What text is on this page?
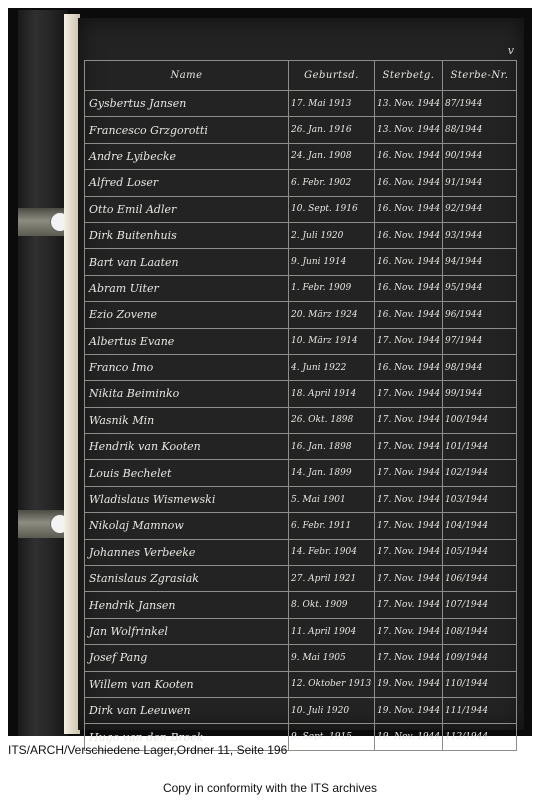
v
Name	Geburtsd.	Sterbetg.	Sterbe-Nr.
Gysbertus Jansen	17. Mai 1913	13. Nov. 1944	87/1944
Francesco Grzgorotti	26. Jan. 1916	13. Nov. 1944	88/1944
Andre Lyibecke	24. Jan. 1908	16. Nov. 1944	90/1944
Alfred Loser	6. Febr. 1902	16. Nov. 1944	91/1944
Otto Emil Adler	10. Sept. 1916	16. Nov. 1944	92/1944
Dirk Buitenhuis	2. Juli 1920	16. Nov. 1944	93/1944
Bart van Laaten	9. Juni 1914	16. Nov. 1944	94/1944
Abram Uiter	1. Febr. 1909	16. Nov. 1944	95/1944
Ezio Zovene	20. März 1924	16. Nov. 1944	96/1944
Albertus Evane	10. März 1914	17. Nov. 1944	97/1944
Franco Imo	4. Juni 1922	16. Nov. 1944	98/1944
Nikita Beiminko	18. April 1914	17. Nov. 1944	99/1944
Wasnik Min	26. Okt. 1898	17. Nov. 1944	100/1944
Hendrik van Kooten	16. Jan. 1898	17. Nov. 1944	101/1944
Louis Bechelet	14. Jan. 1899	17. Nov. 1944	102/1944
Wladislaus Wismewski	5. Mai 1901	17. Nov. 1944	103/1944
Nikolaj Mamnow	6. Febr. 1911	17. Nov. 1944	104/1944
Johannes Verbeeke	14. Febr. 1904	17. Nov. 1944	105/1944
Stanislaus Zgrasiak	27. April 1921	17. Nov. 1944	106/1944
Hendrik Jansen	8. Okt. 1909	17. Nov. 1944	107/1944
Jan Wolfrinkel	11. April 1904	17. Nov. 1944	108/1944
Josef Pang	9. Mai 1905	17. Nov. 1944	109/1944
Willem van Kooten	12. Oktober 1913	19. Nov. 1944	110/1944
Dirk van Leeuwen	10. Juli 1920	19. Nov. 1944	111/1944
Hugo van den Broek	9. Sept. 1915	19. Nov. 1944	112/1944
ITS/ARCH/Verschiedene Lager,Ordner 11, Seite 196
Copy in conformity with the ITS archives
